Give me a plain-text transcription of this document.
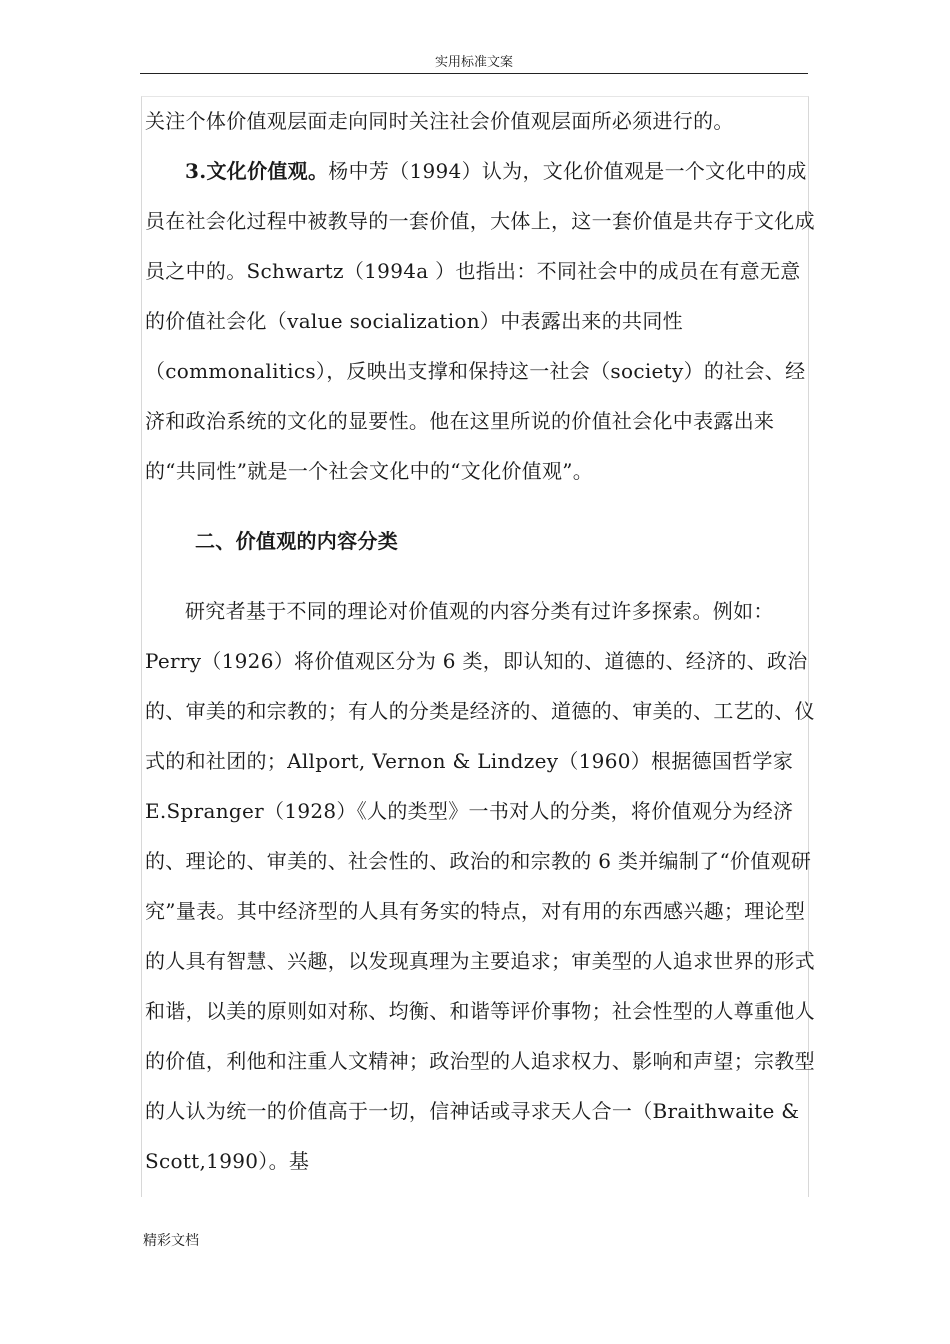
实用标准文案

关注个体价值观层面走向同时关注社会价值观层面所必须进行的。

3.文化价值观。杨中芳（1994）认为，文化价值观是一个文化中的成员在社会化过程中被教导的一套价值，大体上，这一套价值是共存于文化成员之中的。Schwartz（1994a ）也指出：不同社会中的成员在有意无意的价值社会化（value socialization）中表露出来的共同性（commonalitics），反映出支撑和保持这一社会（society）的社会、经济和政治系统的文化的显要性。他在这里所说的价值社会化中表露出来的“共同性”就是一个社会文化中的“文化价值观”。

二、价值观的内容分类

研究者基于不同的理论对价值观的内容分类有过许多探索。例如：Perry（1926）将价值观区分为 6 类，即认知的、道德的、经济的、政治的、审美的和宗教的；有人的分类是经济的、道德的、审美的、工艺的、仪式的和社团的；Allport, Vernon & Lindzey（1960）根据德国哲学家 E.Spranger（1928）《人的类型》一书对人的分类，将价值观分为经济的、理论的、审美的、社会性的、政治的和宗教的 6 类并编制了“价值观研究”量表。其中经济型的人具有务实的特点，对有用的东西感兴趣；理论型的人具有智慧、兴趣，以发现真理为主要追求；审美型的人追求世界的形式和谐，以美的原则如对称、均衡、和谐等评价事物；社会性型的人尊重他人的价值，利他和注重人文精神；政治型的人追求权力、影响和声望；宗教型的人认为统一的价值高于一切，信神话或寻求天人合一（Braithwaite & Scott,1990）。基

精彩文档
